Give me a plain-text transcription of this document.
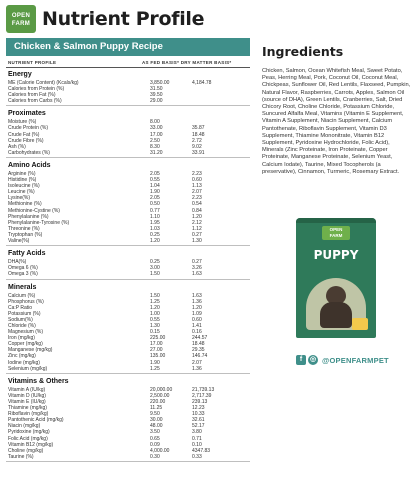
OPEN
FARM Nutrient Profile
Chicken & Salmon Puppy Recipe
NUTRIENT PROFILE	AS FED BASIS* DRY MATTER BASIS*
Energy
ME (Calorie Content) (Kcals/kg)	3,850.00	4,184.78
Calories from Protein (%)	31.50
Calories from Fat (%)	39.50
Calories from Carbs (%)	29.00
Proximates
Moisture (%)	8.00
Crude Protein (%)	33.00	35.87
Crude Fat (%)	17.00	18.48
Crude Fibre (%)	2.50	2.72
Ash (%)	8.30	9.02
Carbohydrates (%)	31.20	33.91
Amino Acids
Arginine (%)	2.05	2.23
Histidine (%)	0.55	0.60
Isoleucine (%)	1.04	1.13
Leucine (%)	1.90	2.07
Lysine(%)	2.05	2.23
Methionine (%)	0.50	0.54
Methionine-Cystine (%)	0.77	0.84
Phenylalanine (%)	1.10	1.20
Phenylalanine-Tyrosine (%)	1.95	2.12
Threonine (%)	1.03	1.12
Tryptophan (%)	0.25	0.27
Valine(%)	1.20	1.30
Fatty Acids
DHA(%)	0.25	0.27
Omega 6 (%)	3.00	3.26
Omega 3 (%)	1.50	1.63
Minerals
Calcium (%)	1.50	1.63
Phosphorus (%)	1.25	1.36
Ca:P Ratio	1.20	1.20
Potassium (%)	1.00	1.09
Sodium(%)	0.55	0.60
Chloride (%)	1.30	1.41
Magnesium (%)	0.15	0.16
Iron (mg/kg)	225.00	244.57
Copper (mg/kg)	17.00	18.48
Manganese (mg/kg)	27.00	29.35
Zinc (mg/kg)	135.00	146.74
Iodine (mg/kg)	1.90	2.07
Selenium (mg/kg)	1.25	1.36
Vitamins & Others
Vitamin A (IU/kg)	20,000.00	21,739.13
Vitamin D (IU/kg)	2,500.00	2,717.39
Vitamin E (IU/kg)	220.00	239.13
Thiamine (mg/kg)	11.25	12.23
Riboflavin (mg/kg)	9.50	10.33
Pantothenic Acid (mg/kg)	30.00	32.61
Niacin (mg/kg)	48.00	52.17
Pyridoxine (mg/kg)	3.50	3.80
Folic Acid (mg/kg)	0.65	0.71
Vitamin B12 (mg/kg)	0.09	0.10
Choline (mg/kg)	4,000.00	4347.83
Taurine (%)	0.30	0.33
Ingredients
Chicken, Salmon, Ocean Whitefish Meal, Sweet Potato, Peas, Herring Meal, Pork, Coconut Oil, Coconut Meal, Chickpeas, Sunflower Oil, Red Lentils, Flaxseed, Pumpkin, Natural Flavor, Raspberries, Carrots, Apples, Salmon Oil (source of DHA), Green Lentils, Cranberries, Salt, Dried Chicory Root, Choline Chloride, Potassium Chloride, Suncured Alfalfa Meal, Vitamins (Vitamin E Supplement, Vitamin A Supplement, Niacin Supplement, Calcium Pantothenate, Riboflavin Supplement, Vitamin D3 Supplement, Thiamine Mononitrate, Vitamin B12 Supplement, Pyridoxine Hydrochloride, Folic Acid), Minerals (Zinc Proteinate, Iron Proteinate, Copper Proteinate, Manganese Proteinate, Selenium Yeast, Calcium Iodate), Taurine, Mixed Tocopherols (a preservative), Cinnamon, Turmeric, Rosemary Extract.
OPEN
FARM
PUPPY
f	◎ @OPENFARMPET
